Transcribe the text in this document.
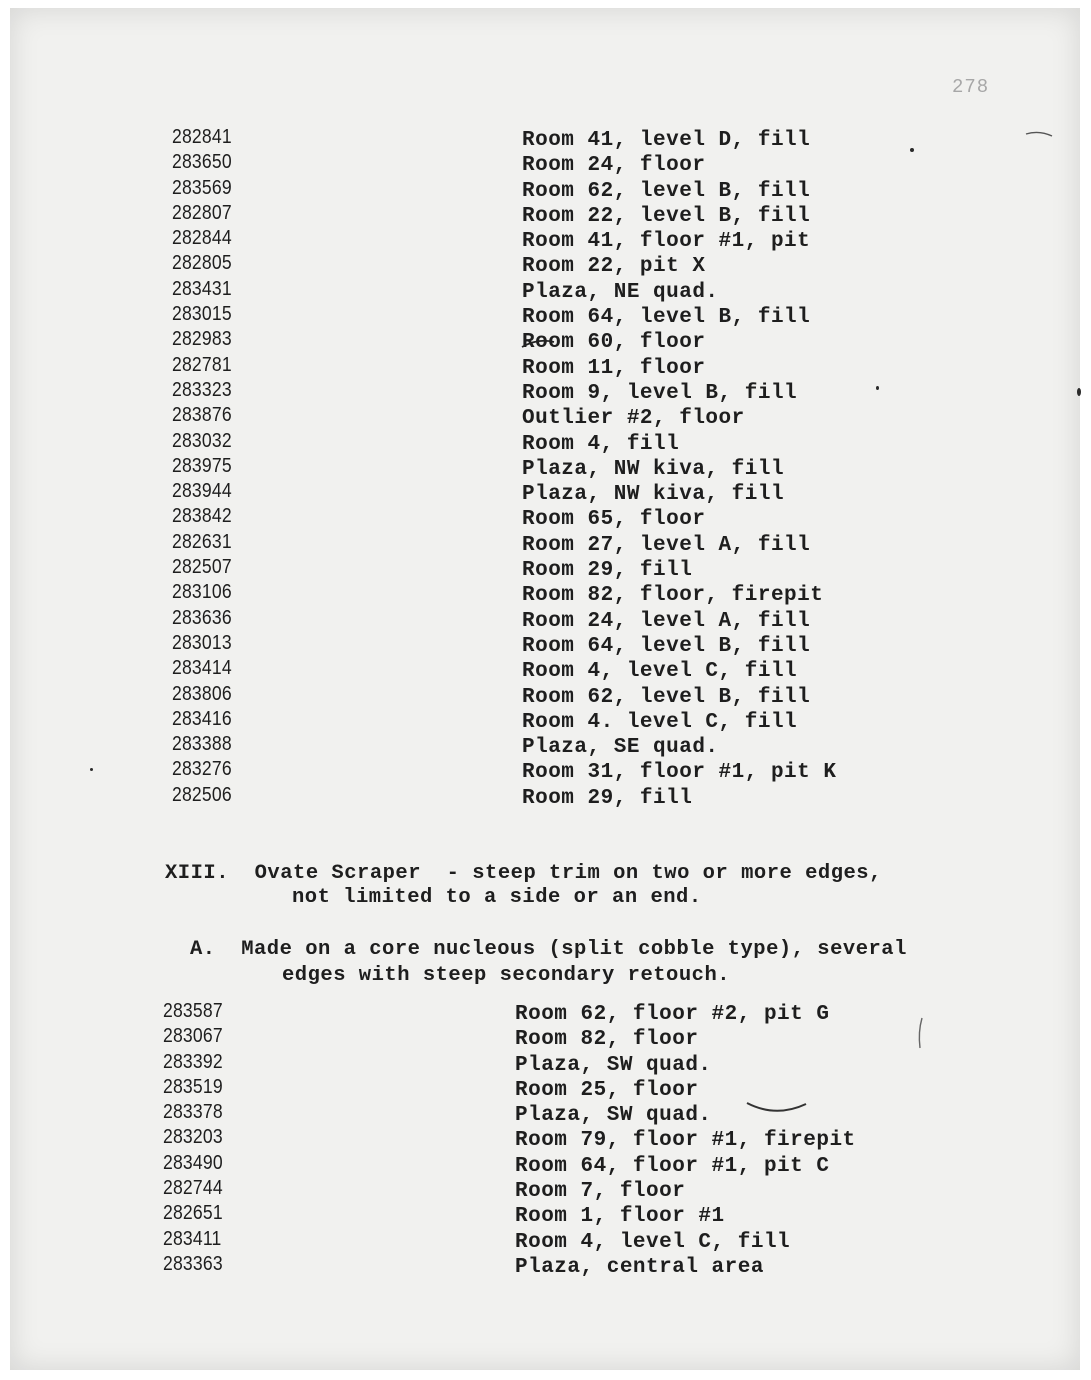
278
282841	Room 41, level D, fill
283650	Room 24, floor
283569	Room 62, level B, fill
282807	Room 22, level B, fill
282844	Room 41, floor #1, pit
282805	Room 22, pit X
283431	Plaza, NE quad.
283015	Room 64, level B, fill
282983	Room 60, floor
282781	Room 11, floor
283323	Room 9, level B, fill
283876	Outlier #2, floor
283032	Room 4, fill
283975	Plaza, NW kiva, fill
283944	Plaza, NW kiva, fill
283842	Room 65, floor
282631	Room 27, level A, fill
282507	Room 29, fill
283106	Room 82, floor, firepit
283636	Room 24, level A, fill
283013	Room 64, level B, fill
283414	Room 4, level C, fill
283806	Room 62, level B, fill
283416	Room 4. level C, fill
283388	Plaza, SE quad.
283276	Room 31, floor #1, pit K
282506	Room 29, fill
XIII.  Ovate Scraper  - steep trim on two or more edges,
not limited to a side or an end.
A.  Made on a core nucleous (split cobble type), several
edges with steep secondary retouch.
283587	Room 62, floor #2, pit G
283067	Room 82, floor
283392	Plaza, SW quad.
283519	Room 25, floor
283378	Plaza, SW quad.
283203	Room 79, floor #1, firepit
283490	Room 64, floor #1, pit C
282744	Room 7, floor
282651	Room 1, floor #1
283411	Room 4, level C, fill
283363	Plaza, central area
